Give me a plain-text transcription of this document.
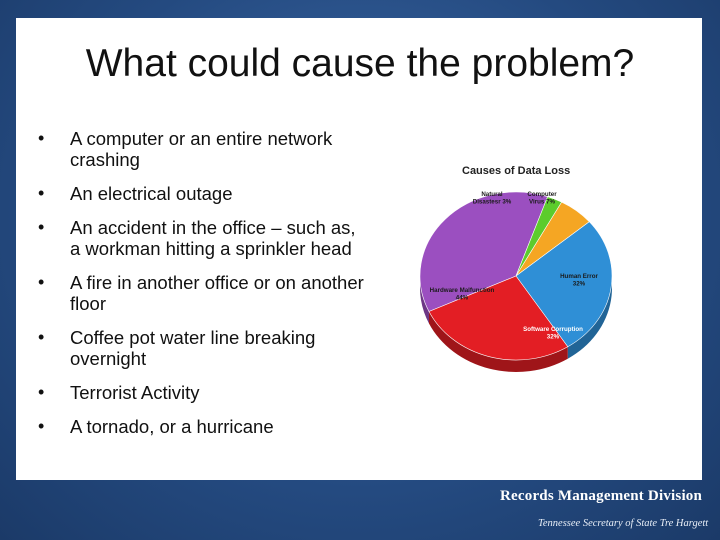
What could cause the problem?
• A computer or an entire network crashing
• An electrical outage
• An accident in the office – such as, a workman hitting a sprinkler head
• A fire in another office or on another floor
• Coffee pot water line breaking overnight
• Terrorist Activity
• A tornado, or a hurricane
Causes of Data Loss
Hardware Malfunction 44%
Natural Disastesr 3%
Computer Virus 7%
Human Error 32%
Software Corruption 32%
Records Management Division
Tennessee Secretary of State Tre Hargett
